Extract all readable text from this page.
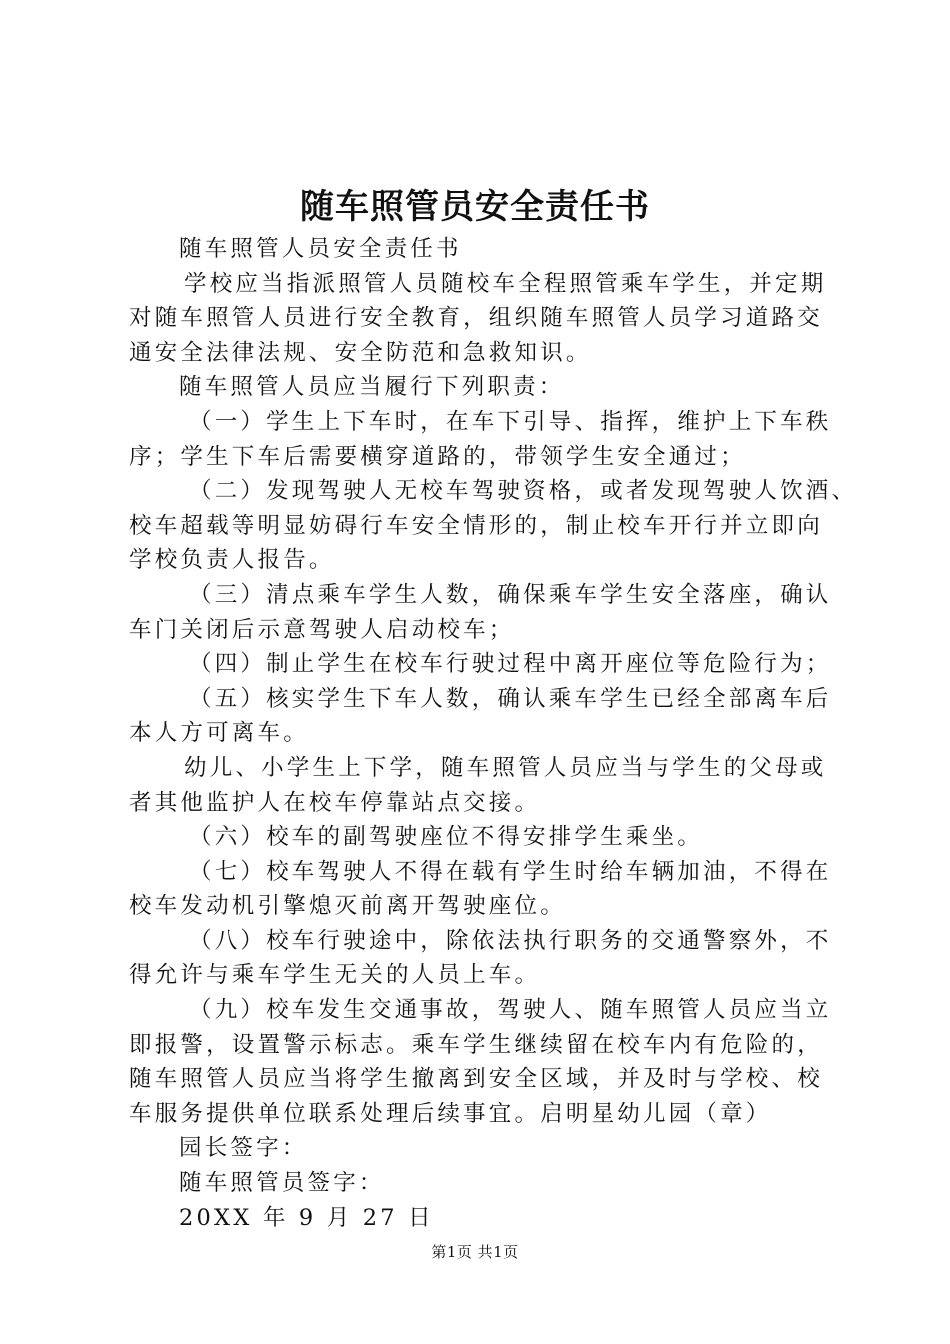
随车照管员安全责任书

随车照管人员安全责任书

学校应当指派照管人员随校车全程照管乘车学生，并定期

对随车照管人员进行安全教育，组织随车照管人员学习道路交

通安全法律法规、安全防范和急救知识。

随车照管人员应当履行下列职责：

（一）学生上下车时，在车下引导、指挥，维护上下车秩

序；学生下车后需要横穿道路的，带领学生安全通过；

（二）发现驾驶人无校车驾驶资格，或者发现驾驶人饮酒、

校车超载等明显妨碍行车安全情形的，制止校车开行并立即向

学校负责人报告。

（三）清点乘车学生人数，确保乘车学生安全落座，确认

车门关闭后示意驾驶人启动校车；

（四）制止学生在校车行驶过程中离开座位等危险行为；

（五）核实学生下车人数，确认乘车学生已经全部离车后

本人方可离车。

幼儿、小学生上下学，随车照管人员应当与学生的父母或

者其他监护人在校车停靠站点交接。

（六）校车的副驾驶座位不得安排学生乘坐。

（七）校车驾驶人不得在载有学生时给车辆加油，不得在

校车发动机引擎熄灭前离开驾驶座位。

（八）校车行驶途中，除依法执行职务的交通警察外，不

得允许与乘车学生无关的人员上车。

（九）校车发生交通事故，驾驶人、随车照管人员应当立

即报警，设置警示标志。乘车学生继续留在校车内有危险的，

随车照管人员应当将学生撤离到安全区域，并及时与学校、校

车服务提供单位联系处理后续事宜。启明星幼儿园（章）

园长签字：

随车照管员签字：

20XX 年 9 月 27 日

第1页 共1页
